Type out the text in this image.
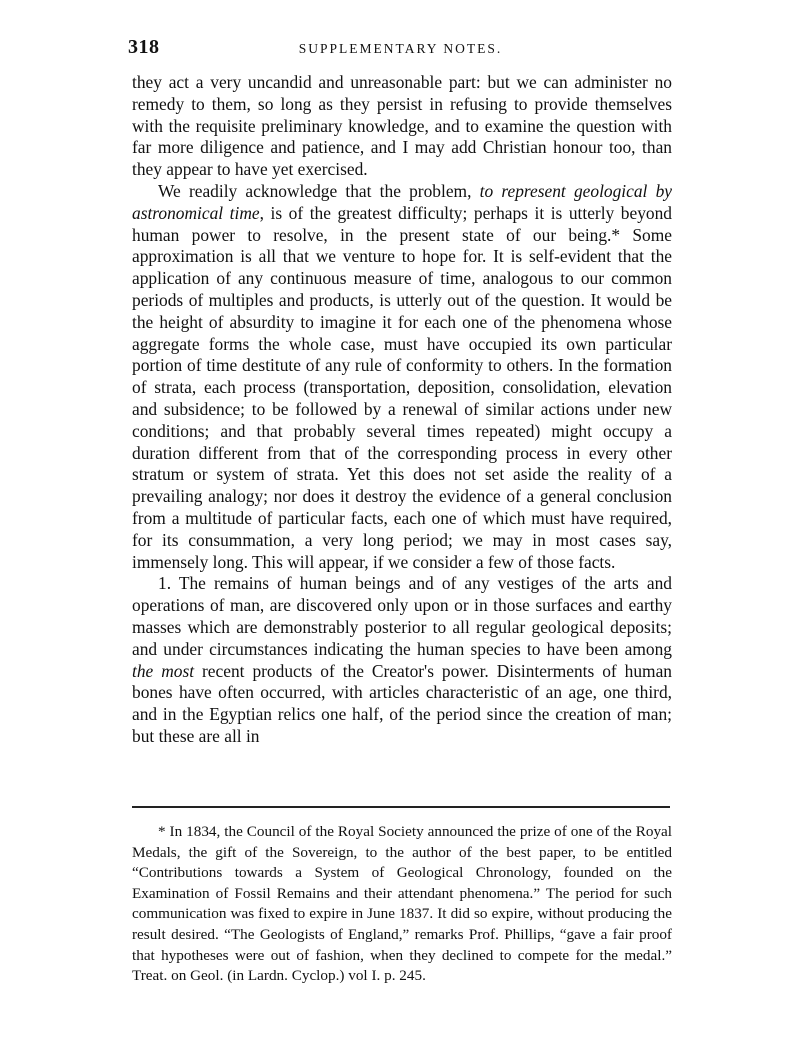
318	SUPPLEMENTARY NOTES.

they act a very uncandid and unreasonable part: but we can administer no remedy to them, so long as they persist in refusing to provide themselves with the requisite preliminary knowledge, and to examine the question with far more diligence and patience, and I may add Christian honour too, than they appear to have yet exercised.

We readily acknowledge that the problem, to represent geological by astronomical time, is of the greatest difficulty; perhaps it is utterly beyond human power to resolve, in the present state of our being.* Some approximation is all that we venture to hope for. It is self-evident that the application of any continuous measure of time, analogous to our common periods of multiples and products, is utterly out of the question. It would be the height of absurdity to imagine it for each one of the phenomena whose aggregate forms the whole case, must have occupied its own particular portion of time destitute of any rule of conformity to others. In the formation of strata, each process (transportation, deposition, consolidation, elevation and subsidence; to be followed by a renewal of similar actions under new conditions; and that probably several times repeated) might occupy a duration different from that of the corresponding process in every other stratum or system of strata. Yet this does not set aside the reality of a prevailing analogy; nor does it destroy the evidence of a general conclusion from a multitude of particular facts, each one of which must have required, for its consummation, a very long period; we may in most cases say, immensely long. This will appear, if we consider a few of those facts.

1. The remains of human beings and of any vestiges of the arts and operations of man, are discovered only upon or in those surfaces and earthy masses which are demonstrably posterior to all regular geological deposits; and under circumstances indicating the human species to have been among the most recent products of the Creator's power. Disinterments of human bones have often occurred, with articles characteristic of an age, one third, and in the Egyptian relics one half, of the period since the creation of man; but these are all in

* In 1834, the Council of the Royal Society announced the prize of one of the Royal Medals, the gift of the Sovereign, to the author of the best paper, to be entitled “Contributions towards a System of Geological Chronology, founded on the Examination of Fossil Remains and their attendant phenomena.” The period for such communication was fixed to expire in June 1837. It did so expire, without producing the result desired. “The Geologists of England,” remarks Prof. Phillips, “gave a fair proof that hypotheses were out of fashion, when they declined to compete for the medal.” Treat. on Geol. (in Lardn. Cyclop.) vol I. p. 245.
